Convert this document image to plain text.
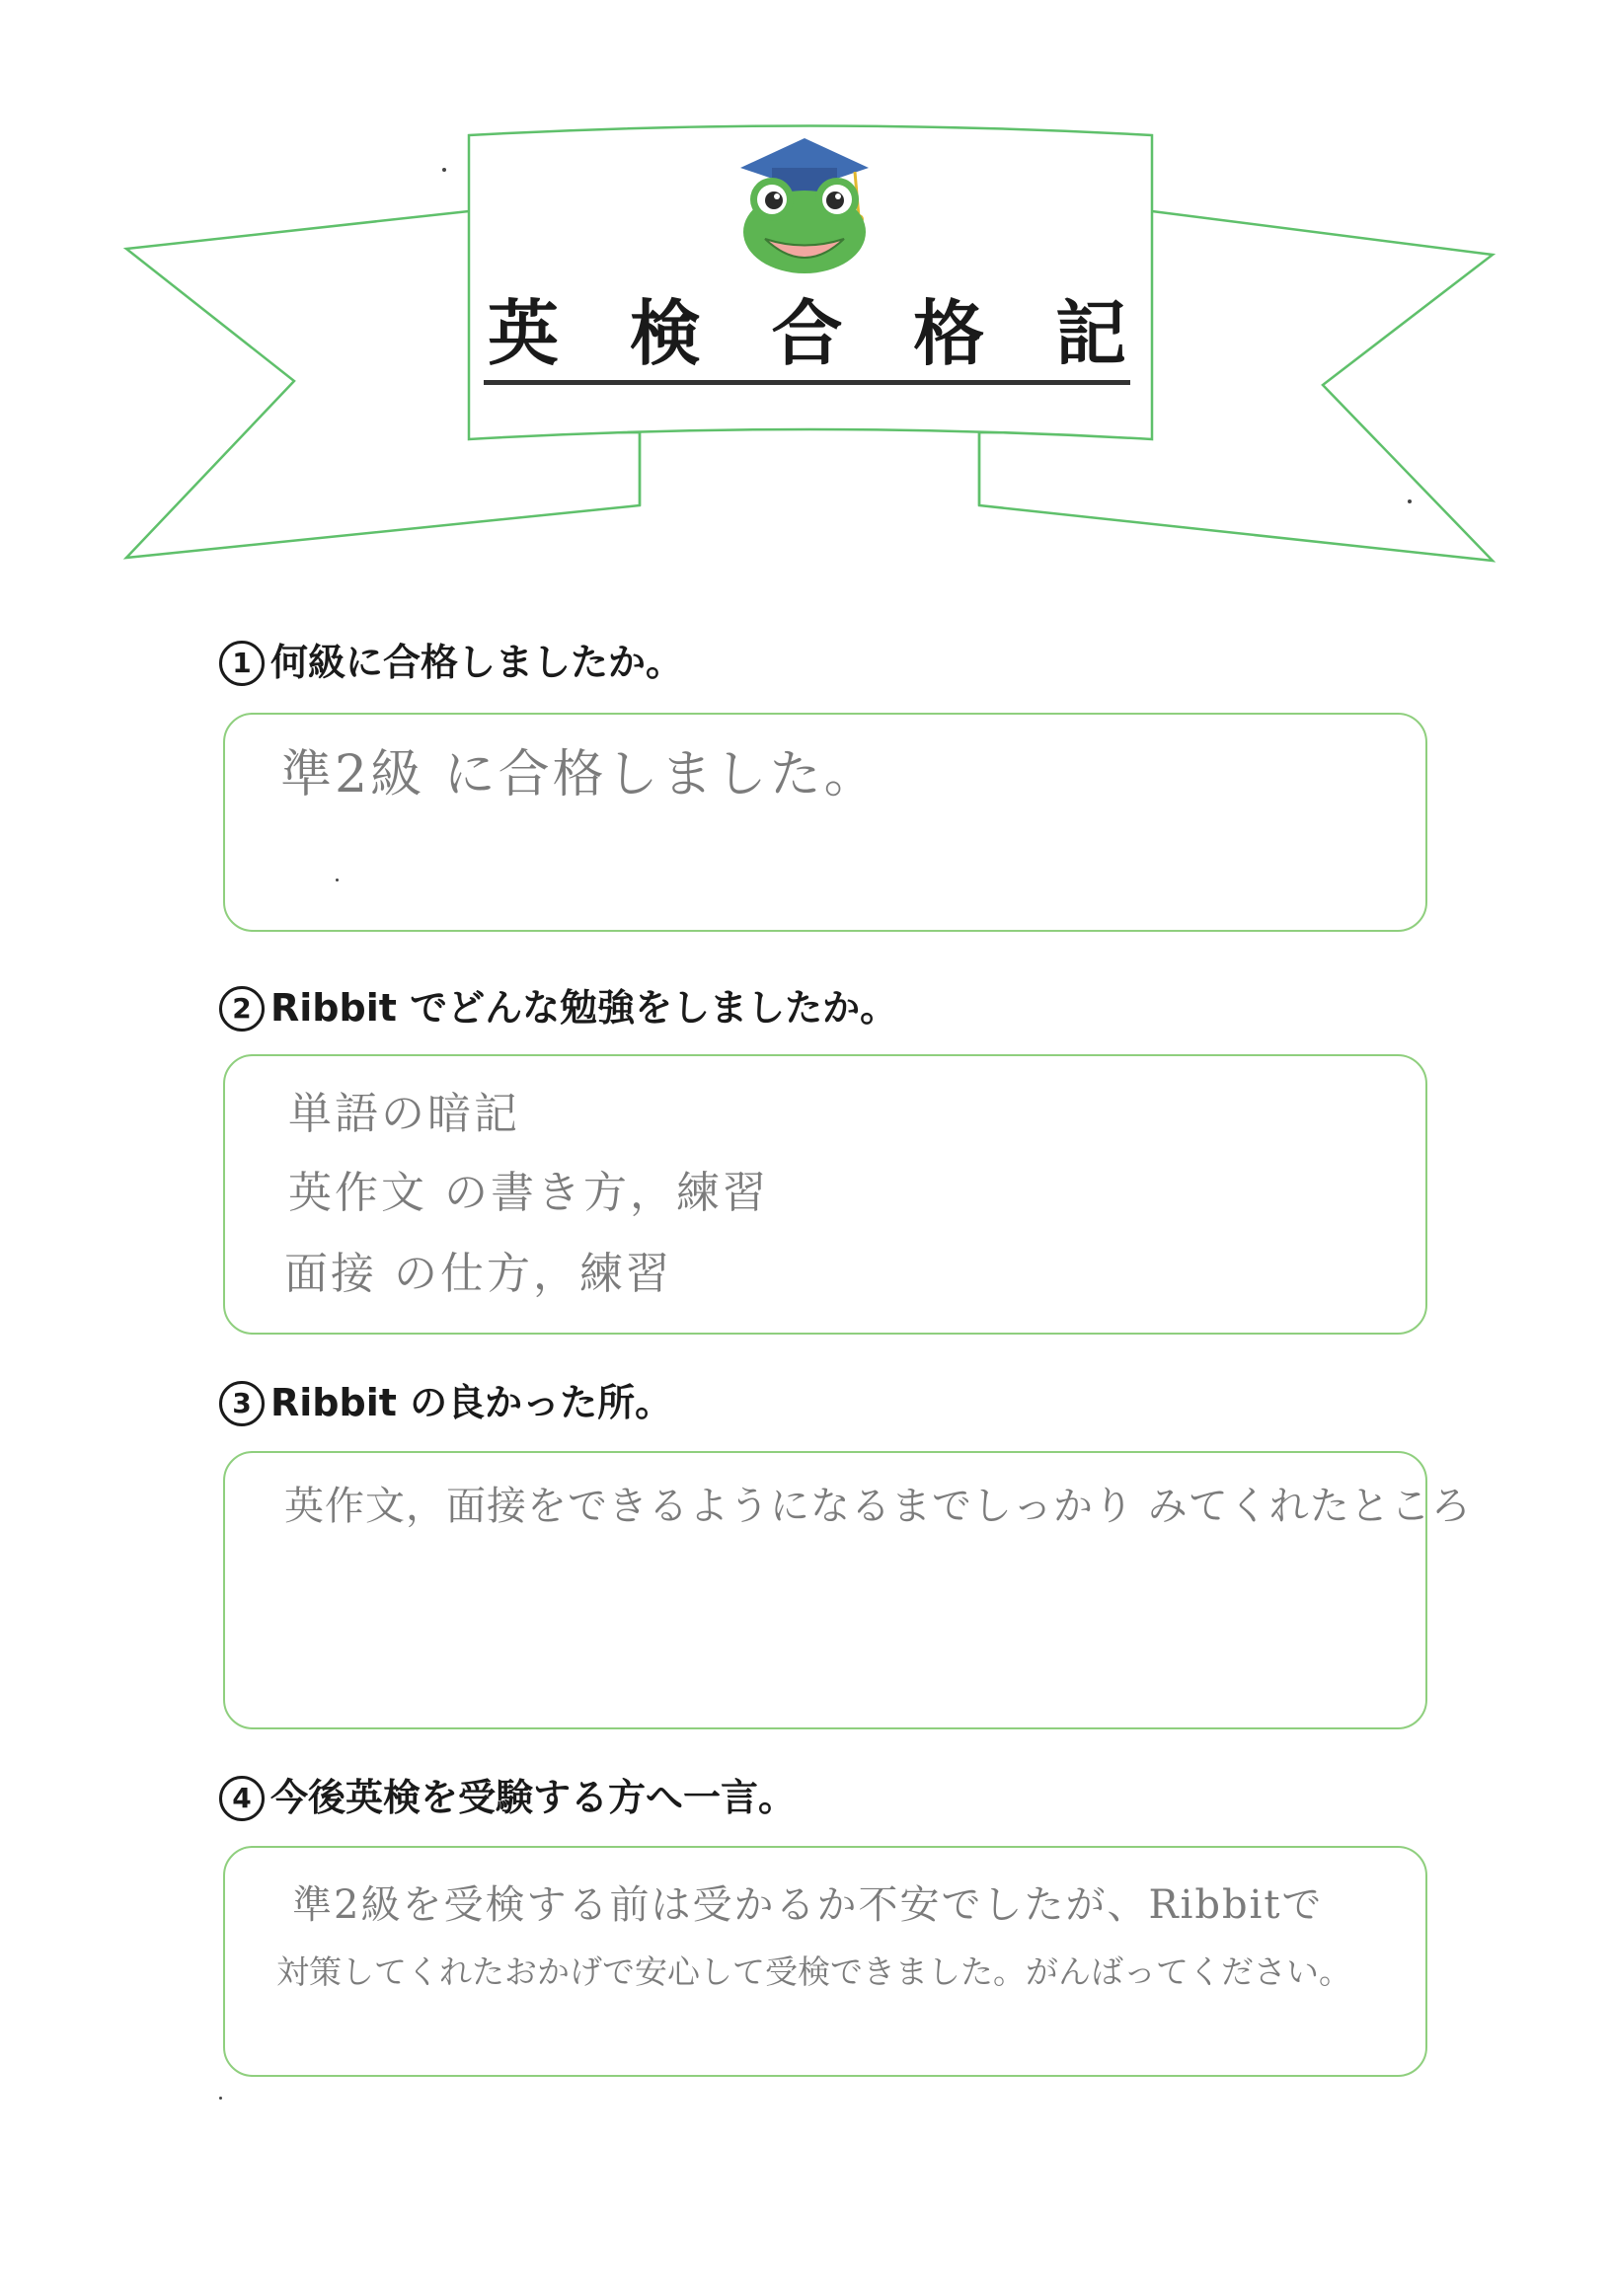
英 検 合 格 記
1 何級に合格しましたか。
準2級 に合格しました。
2 Ribbit でどんな勉強をしましたか。
単語の暗記
英作文 の書き方，練習
面接 の仕方，練習
3 Ribbit の良かった所。
英作文，面接をできるようになるまでしっかり みてくれたところ
4 今後英検を受験する方へ一言。
準2級を受検する前は受かるか不安でしたが、Ribbitで
対策してくれたおかげで安心して受検できました。がんばってください。
